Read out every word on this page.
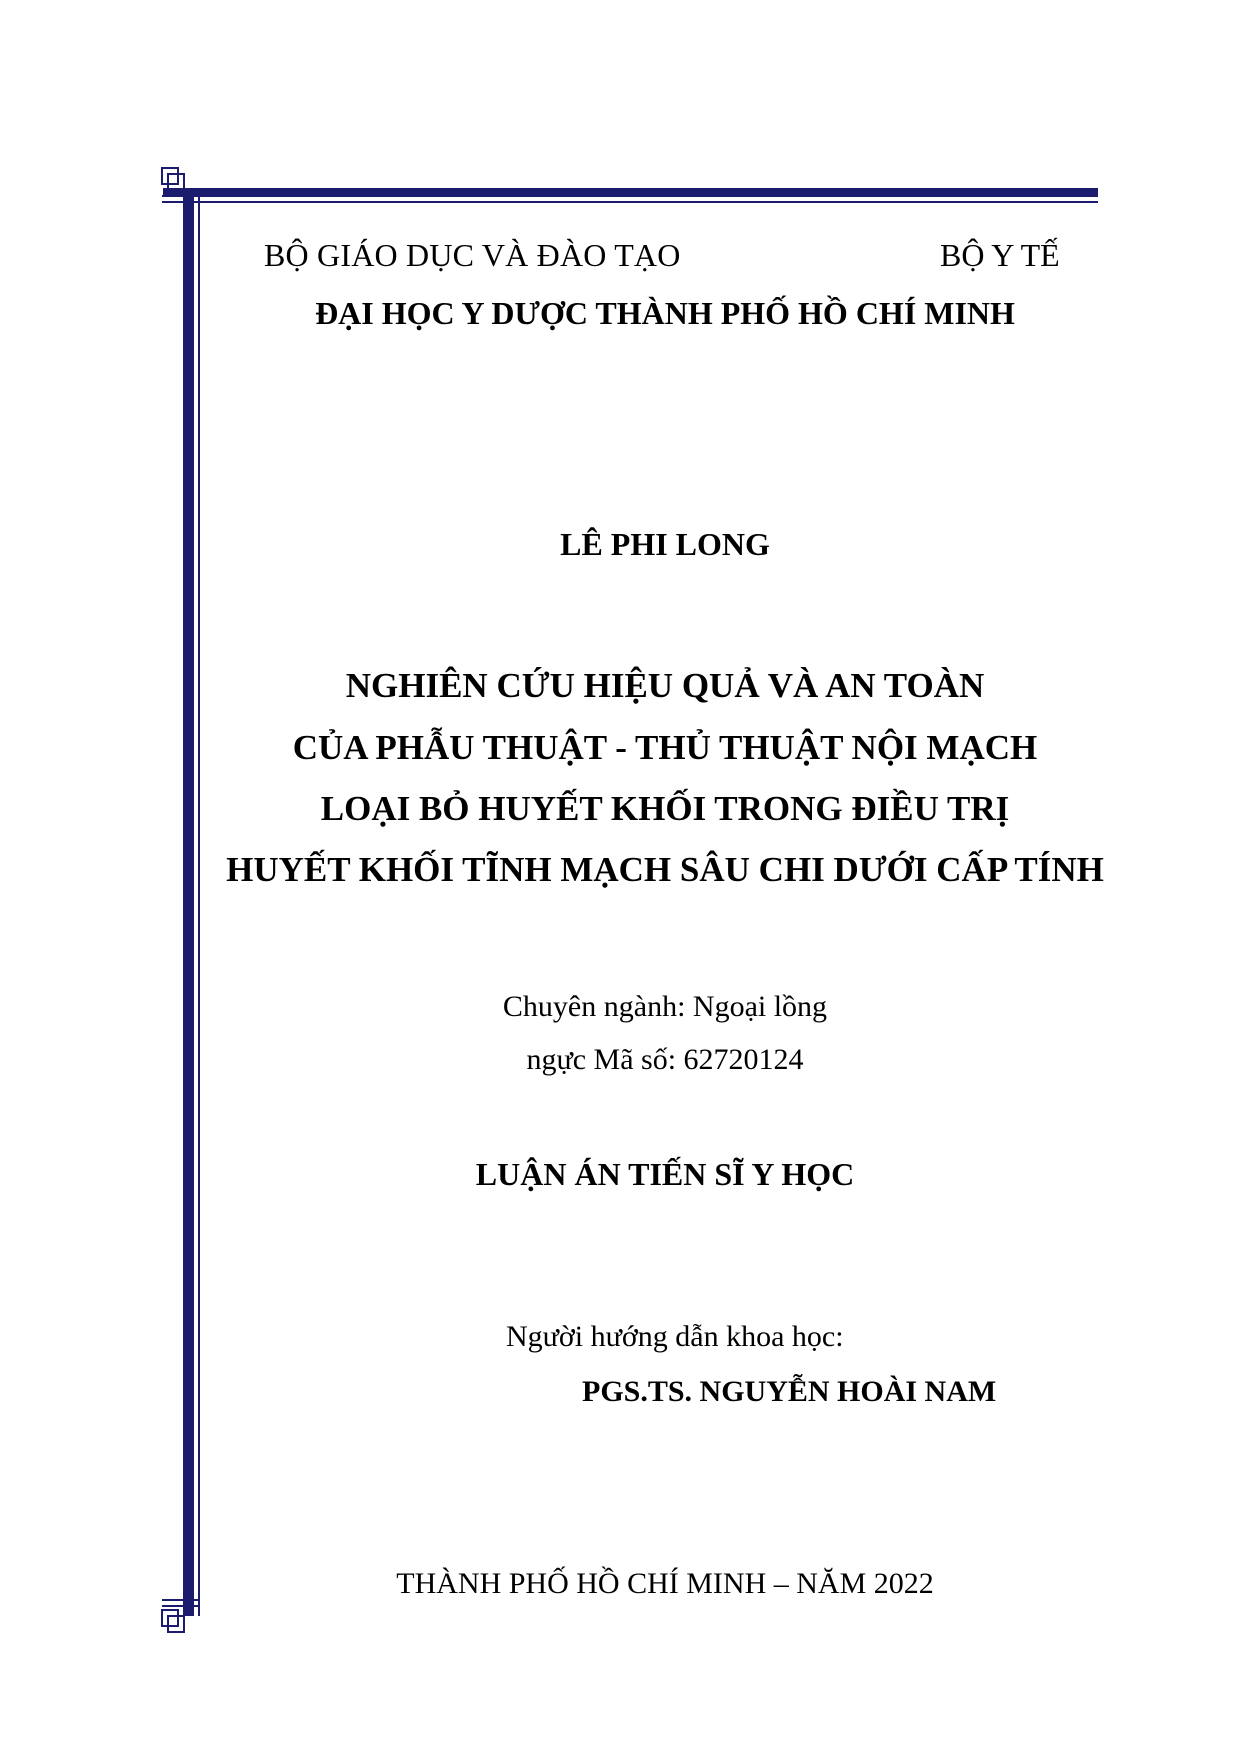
BỘ GIÁO DỤC VÀ ĐÀO TẠO	BỘ Y TẾ

ĐẠI HỌC Y DƯỢC THÀNH PHỐ HỒ CHÍ MINH

LÊ PHI LONG

NGHIÊN CỨU HIỆU QUẢ VÀ AN TOÀN

CỦA PHẪU THUẬT - THỦ THUẬT NỘI MẠCH

LOẠI BỎ HUYẾT KHỐI TRONG ĐIỀU TRỊ

HUYẾT KHỐI TĨNH MẠCH SÂU CHI DƯỚI CẤP TÍNH

Chuyên ngành: Ngoại lồng

ngực Mã số: 62720124

LUẬN ÁN TIẾN SĨ Y HỌC

Người hướng dẫn khoa học:

PGS.TS. NGUYỄN HOÀI NAM

THÀNH PHỐ HỒ CHÍ MINH – NĂM 2022
